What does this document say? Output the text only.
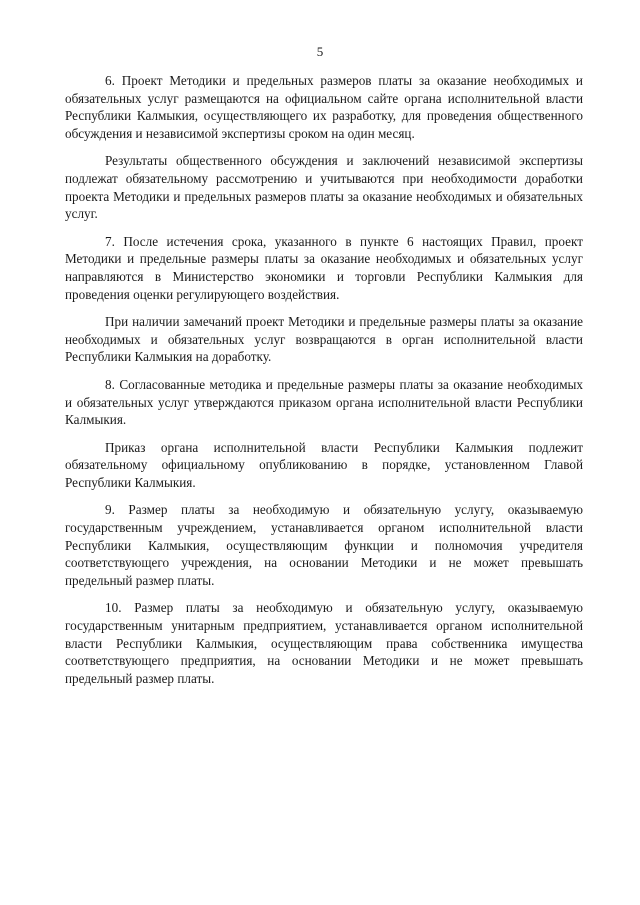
5

6. Проект Методики и предельных размеров платы за оказание необходимых и обязательных услуг размещаются на официальном сайте органа исполнительной власти Республики Калмыкия, осуществляющего их разработку, для проведения общественного обсуждения и независимой экспертизы сроком на один месяц.

Результаты общественного обсуждения и заключений независимой экспертизы подлежат обязательному рассмотрению и учитываются при необходимости доработки проекта Методики и предельных размеров платы за оказание необходимых и обязательных услуг.

7. После истечения срока, указанного в пункте 6 настоящих Правил, проект Методики и предельные размеры платы за оказание необходимых и обязательных услуг направляются в Министерство экономики и торговли Республики Калмыкия для проведения оценки регулирующего воздействия.

При наличии замечаний проект Методики и предельные размеры платы за оказание необходимых и обязательных услуг возвращаются в орган исполнительной власти Республики Калмыкия на доработку.

8. Согласованные методика и предельные размеры платы за оказание необходимых и обязательных услуг утверждаются приказом органа исполнительной власти Республики Калмыкия.

Приказ органа исполнительной власти Республики Калмыкия подлежит обязательному официальному опубликованию в порядке, установленном Главой Республики Калмыкия.

9. Размер платы за необходимую и обязательную услугу, оказываемую государственным учреждением, устанавливается органом исполнительной власти Республики Калмыкия, осуществляющим функции и полномочия учредителя соответствующего учреждения, на основании Методики и не может превышать предельный размер платы.

10. Размер платы за необходимую и обязательную услугу, оказываемую государственным унитарным предприятием, устанавливается органом исполнительной власти Республики Калмыкия, осуществляющим права собственника имущества соответствующего предприятия, на основании Методики и не может превышать предельный размер платы.
